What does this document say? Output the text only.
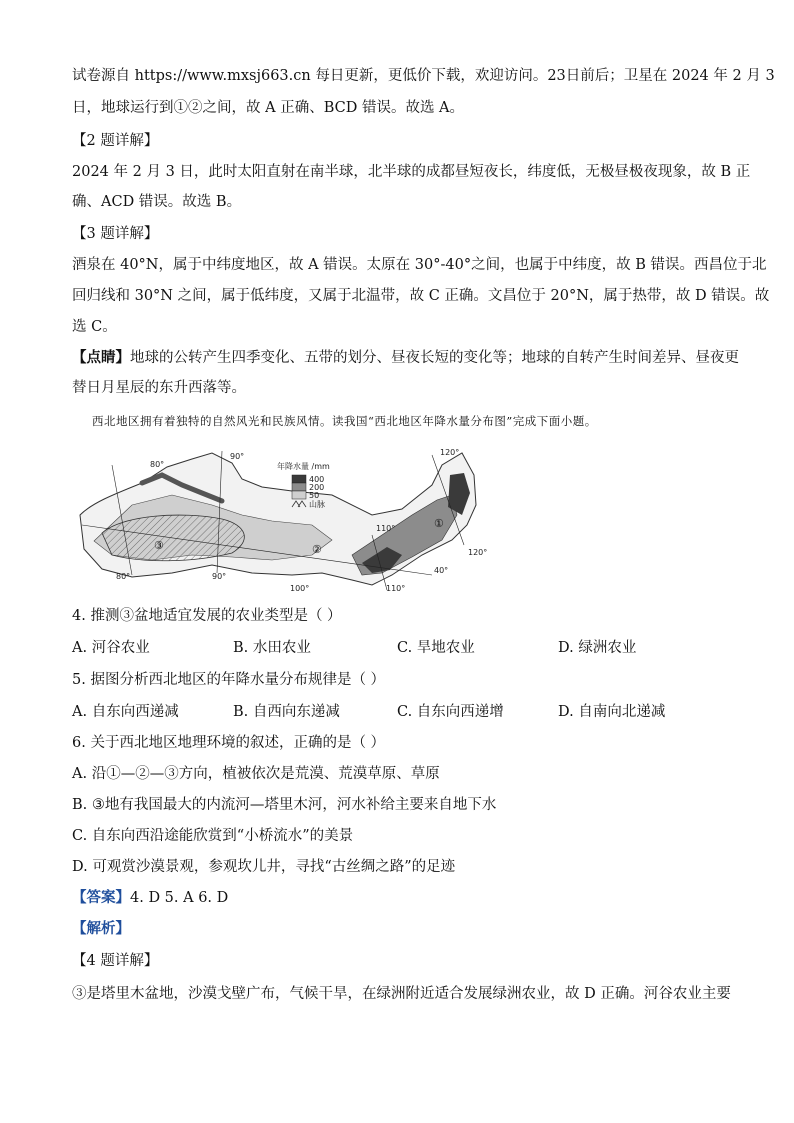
试卷源自 https://www.mxsj663.cn 每日更新，更低价下载，欢迎访问。23日前后；卫星在 2024 年 2 月 3
日，地球运行到①②之间，故 A 正确、BCD 错误。故选 A。
【2 题详解】
2024 年 2 月 3 日，此时太阳直射在南半球，北半球的成都昼短夜长，纬度低，无极昼极夜现象，故 B 正
确、ACD 错误。故选 B。
【3 题详解】
酒泉在 40°N，属于中纬度地区，故 A 错误。太原在 30°-40°之间，也属于中纬度，故 B 错误。西昌位于北
回归线和 30°N 之间，属于低纬度，又属于北温带，故 C 正确。文昌位于 20°N，属于热带，故 D 错误。故
选 C。
【点睛】地球的公转产生四季变化、五带的划分、昼夜长短的变化等；地球的自转产生时间差异、昼夜更
替日月星辰的东升西落等。
西北地区拥有着独特的自然风光和民族风情。读我国“西北地区年降水量分布图”完成下面小题。
年降水量 /mm
400
200
50
山脉
①
②
③
80°
90°	120°
110°
80°	90°
100°	110°
120°
40°
4. 推测③盆地适宜发展的农业类型是（ ）
A. 河谷农业	B. 水田农业	C. 旱地农业	D. 绿洲农业
5. 据图分析西北地区的年降水量分布规律是（ ）
A. 自东向西递减	B. 自西向东递减	C. 自东向西递增	D. 自南向北递减
6. 关于西北地区地理环境的叙述，正确的是（ ）
A. 沿①—②—③方向，植被依次是荒漠、荒漠草原、草原
B. ③地有我国最大的内流河—塔里木河，河水补给主要来自地下水
C. 自东向西沿途能欣赏到“小桥流水”的美景
D. 可观赏沙漠景观，参观坎儿井，寻找“古丝绸之路”的足迹
【答案】4. D 5. A 6. D
【解析】
【4 题详解】
③是塔里木盆地，沙漠戈壁广布，气候干旱，在绿洲附近适合发展绿洲农业，故 D 正确。河谷农业主要
